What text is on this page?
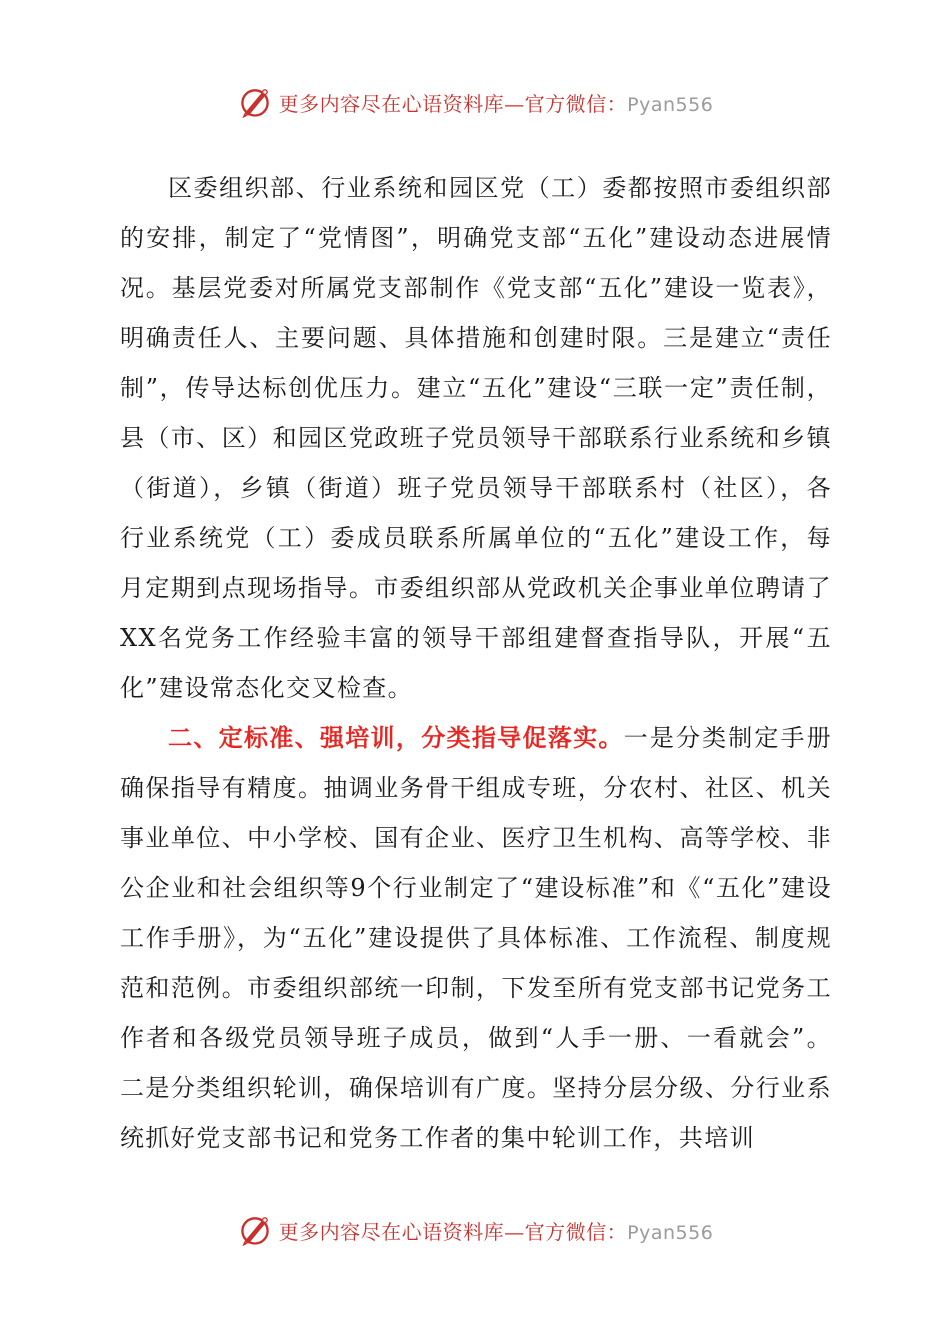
更多内容尽在心语资料库—官方微信：Pyan556

区委组织部、行业系统和园区党（工）委都按照市委组织部的安排，制定了“党情图”，明确党支部“五化”建设动态进展情况。基层党委对所属党支部制作《党支部“五化”建设一览表》，明确责任人、主要问题、具体措施和创建时限。三是建立“责任制”，传导达标创优压力。建立“五化”建设“三联一定”责任制，县（市、区）和园区党政班子党员领导干部联系行业系统和乡镇（街道），乡镇（街道）班子党员领导干部联系村（社区），各行业系统党（工）委成员联系所属单位的“五化”建设工作，每月定期到点现场指导。市委组织部从党政机关企事业单位聘请了XX名党务工作经验丰富的领导干部组建督查指导队，开展“五化”建设常态化交叉检查。

二、定标准、强培训，分类指导促落实。一是分类制定手册确保指导有精度。抽调业务骨干组成专班，分农村、社区、机关事业单位、中小学校、国有企业、医疗卫生机构、高等学校、非公企业和社会组织等9个行业制定了“建设标准”和《“五化”建设工作手册》，为“五化”建设提供了具体标准、工作流程、制度规范和范例。市委组织部统一印制，下发至所有党支部书记党务工作者和各级党员领导班子成员，做到“人手一册、一看就会”。二是分类组织轮训，确保培训有广度。坚持分层分级、分行业系统抓好党支部书记和党务工作者的集中轮训工作，共培训

更多内容尽在心语资料库—官方微信：Pyan556
